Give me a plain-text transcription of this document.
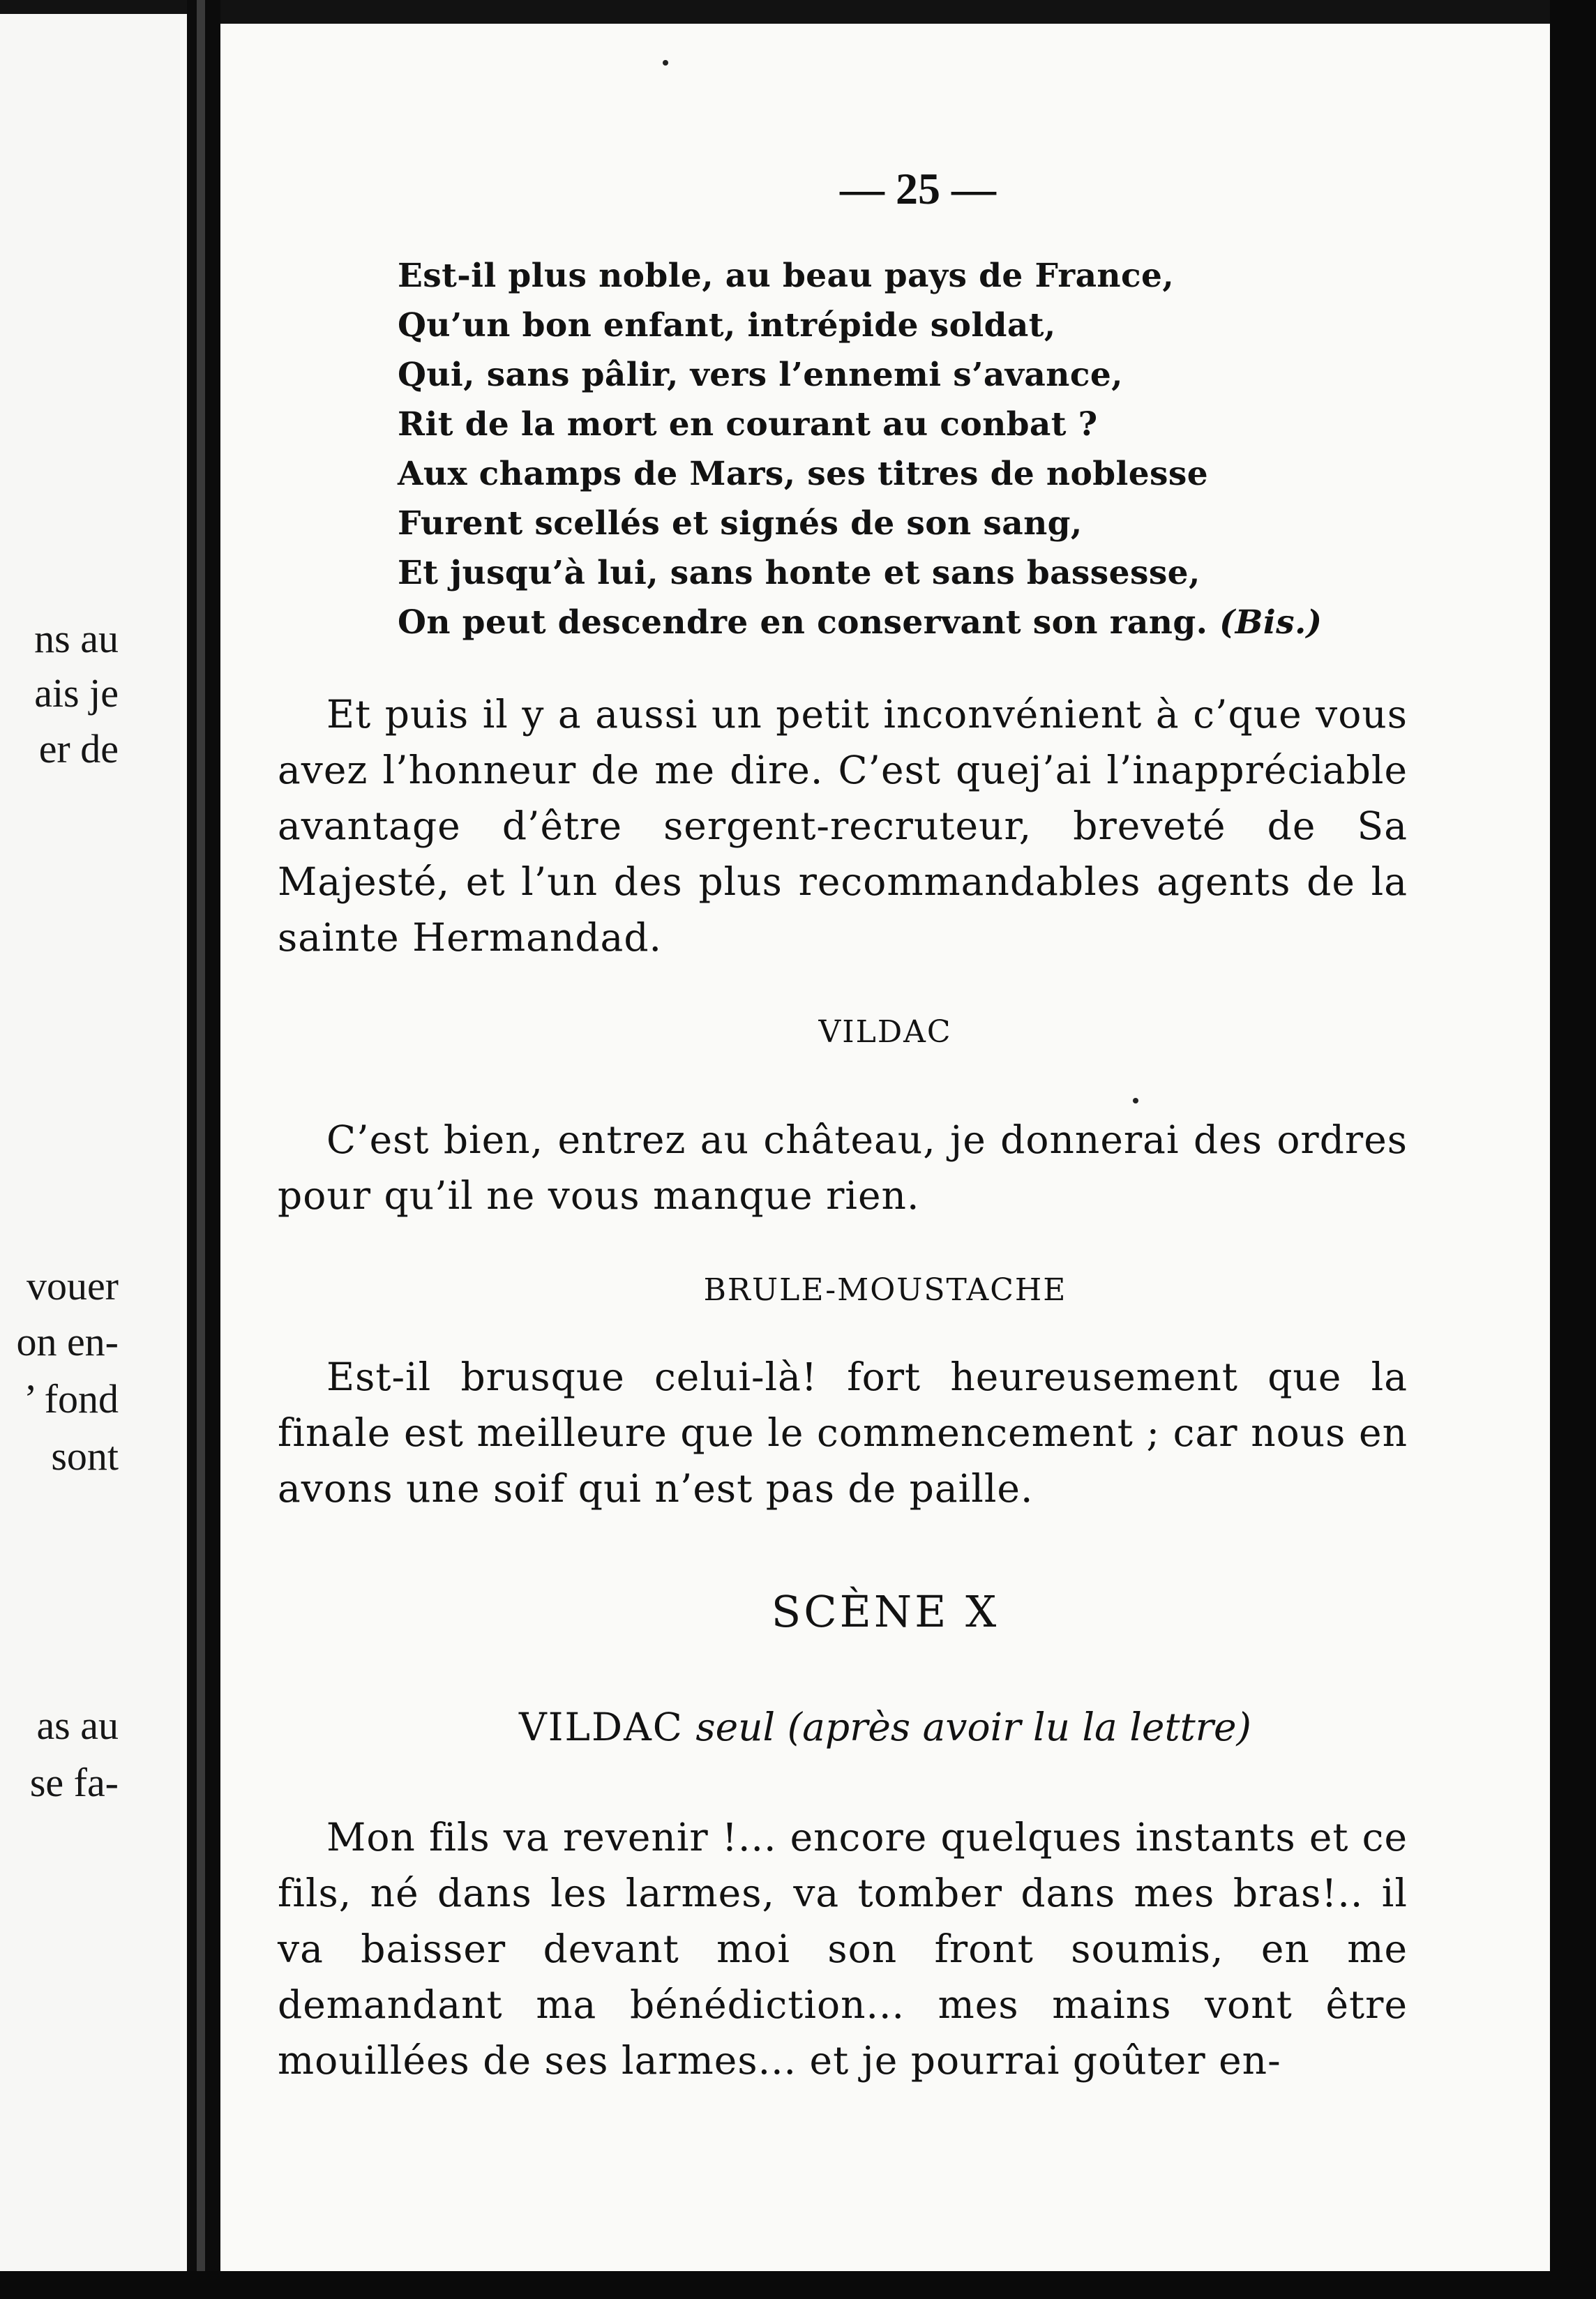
ns au
ais je
er de
vouer
on en-
’ fond
sont
as au
se fa-
— 25 —
Est-il plus noble, au beau pays de France,
Qu’un bon enfant, intrépide soldat,
Qui, sans pâlir, vers l’ennemi s’avance,
Rit de la mort en courant au conbat ?
Aux champs de Mars, ses titres de noblesse
Furent scellés et signés de son sang,
Et jusqu’à lui, sans honte et sans bassesse,
On peut descendre en conservant son rang. (Bis.)
Et puis il y a aussi un petit inconvénient à c’que vous avez l’honneur de me dire. C’est quej’ai l’inappréciable avantage d’être sergent-recruteur, breveté de Sa Majesté, et l’un des plus recommandables agents de la sainte Hermandad.
VILDAC
C’est bien, entrez au château, je donnerai des ordres pour qu’il ne vous manque rien.
BRULE-MOUSTACHE
Est-il brusque celui-là! fort heureusement que la finale est meilleure que le commencement ; car nous en avons une soif qui n’est pas de paille.
SCÈNE X
VILDAC seul (après avoir lu la lettre)
Mon fils va revenir !... encore quelques instants et ce fils, né dans les larmes, va tomber dans mes bras!.. il va baisser devant moi son front soumis, en me demandant ma bénédiction... mes mains vont être mouillées de ses larmes... et je pourrai goûter en-
